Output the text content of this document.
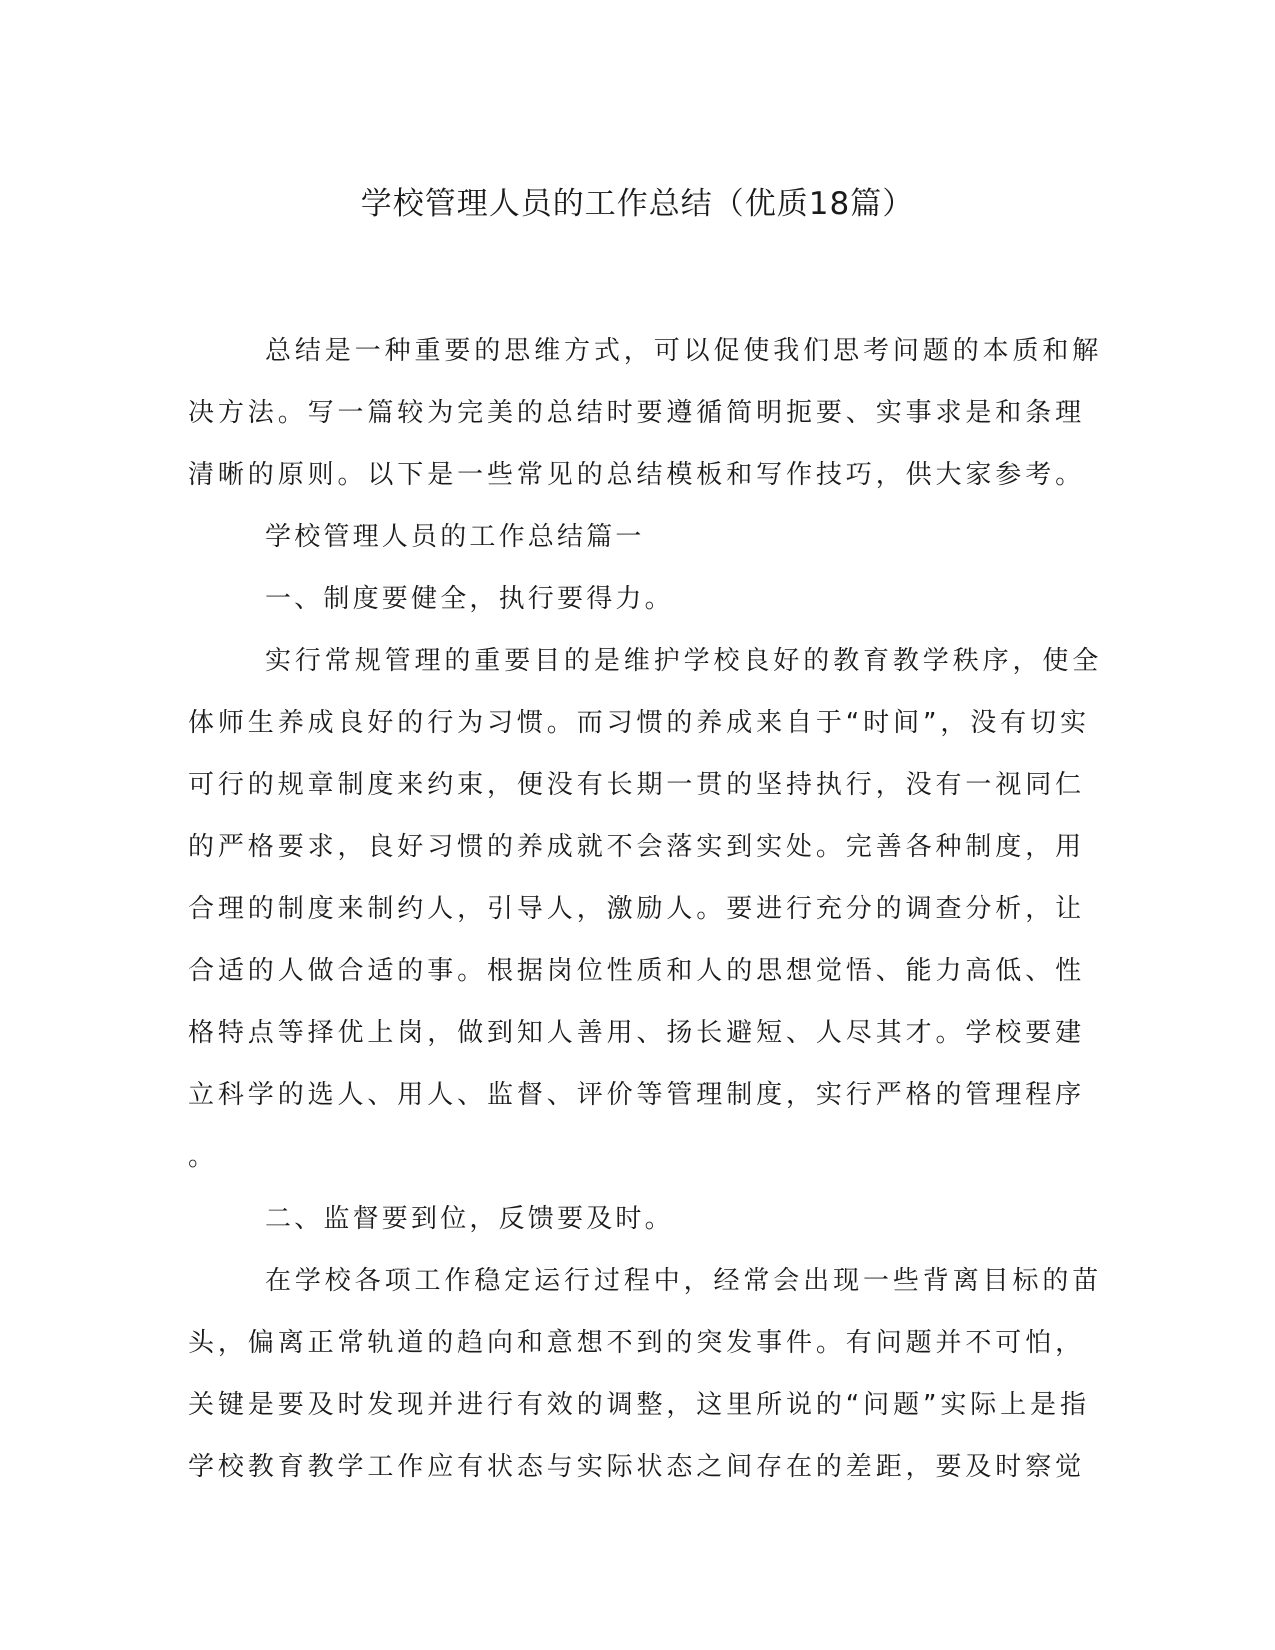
学校管理人员的工作总结（优质18篇）
总结是一种重要的思维方式，可以促使我们思考问题的本质和解
决方法。写一篇较为完美的总结时要遵循简明扼要、实事求是和条理
清晰的原则。以下是一些常见的总结模板和写作技巧，供大家参考。
学校管理人员的工作总结篇一
一、制度要健全，执行要得力。
实行常规管理的重要目的是维护学校良好的教育教学秩序，使全
体师生养成良好的行为习惯。而习惯的养成来自于“时间”，没有切实
可行的规章制度来约束，便没有长期一贯的坚持执行，没有一视同仁
的严格要求，良好习惯的养成就不会落实到实处。完善各种制度，用
合理的制度来制约人，引导人，激励人。要进行充分的调查分析，让
合适的人做合适的事。根据岗位性质和人的思想觉悟、能力高低、性
格特点等择优上岗，做到知人善用、扬长避短、人尽其才。学校要建
立科学的选人、用人、监督、评价等管理制度，实行严格的管理程序
。
二、监督要到位，反馈要及时。
在学校各项工作稳定运行过程中，经常会出现一些背离目标的苗
头，偏离正常轨道的趋向和意想不到的突发事件。有问题并不可怕，
关键是要及时发现并进行有效的调整，这里所说的“问题”实际上是指
学校教育教学工作应有状态与实际状态之间存在的差距，要及时察觉
